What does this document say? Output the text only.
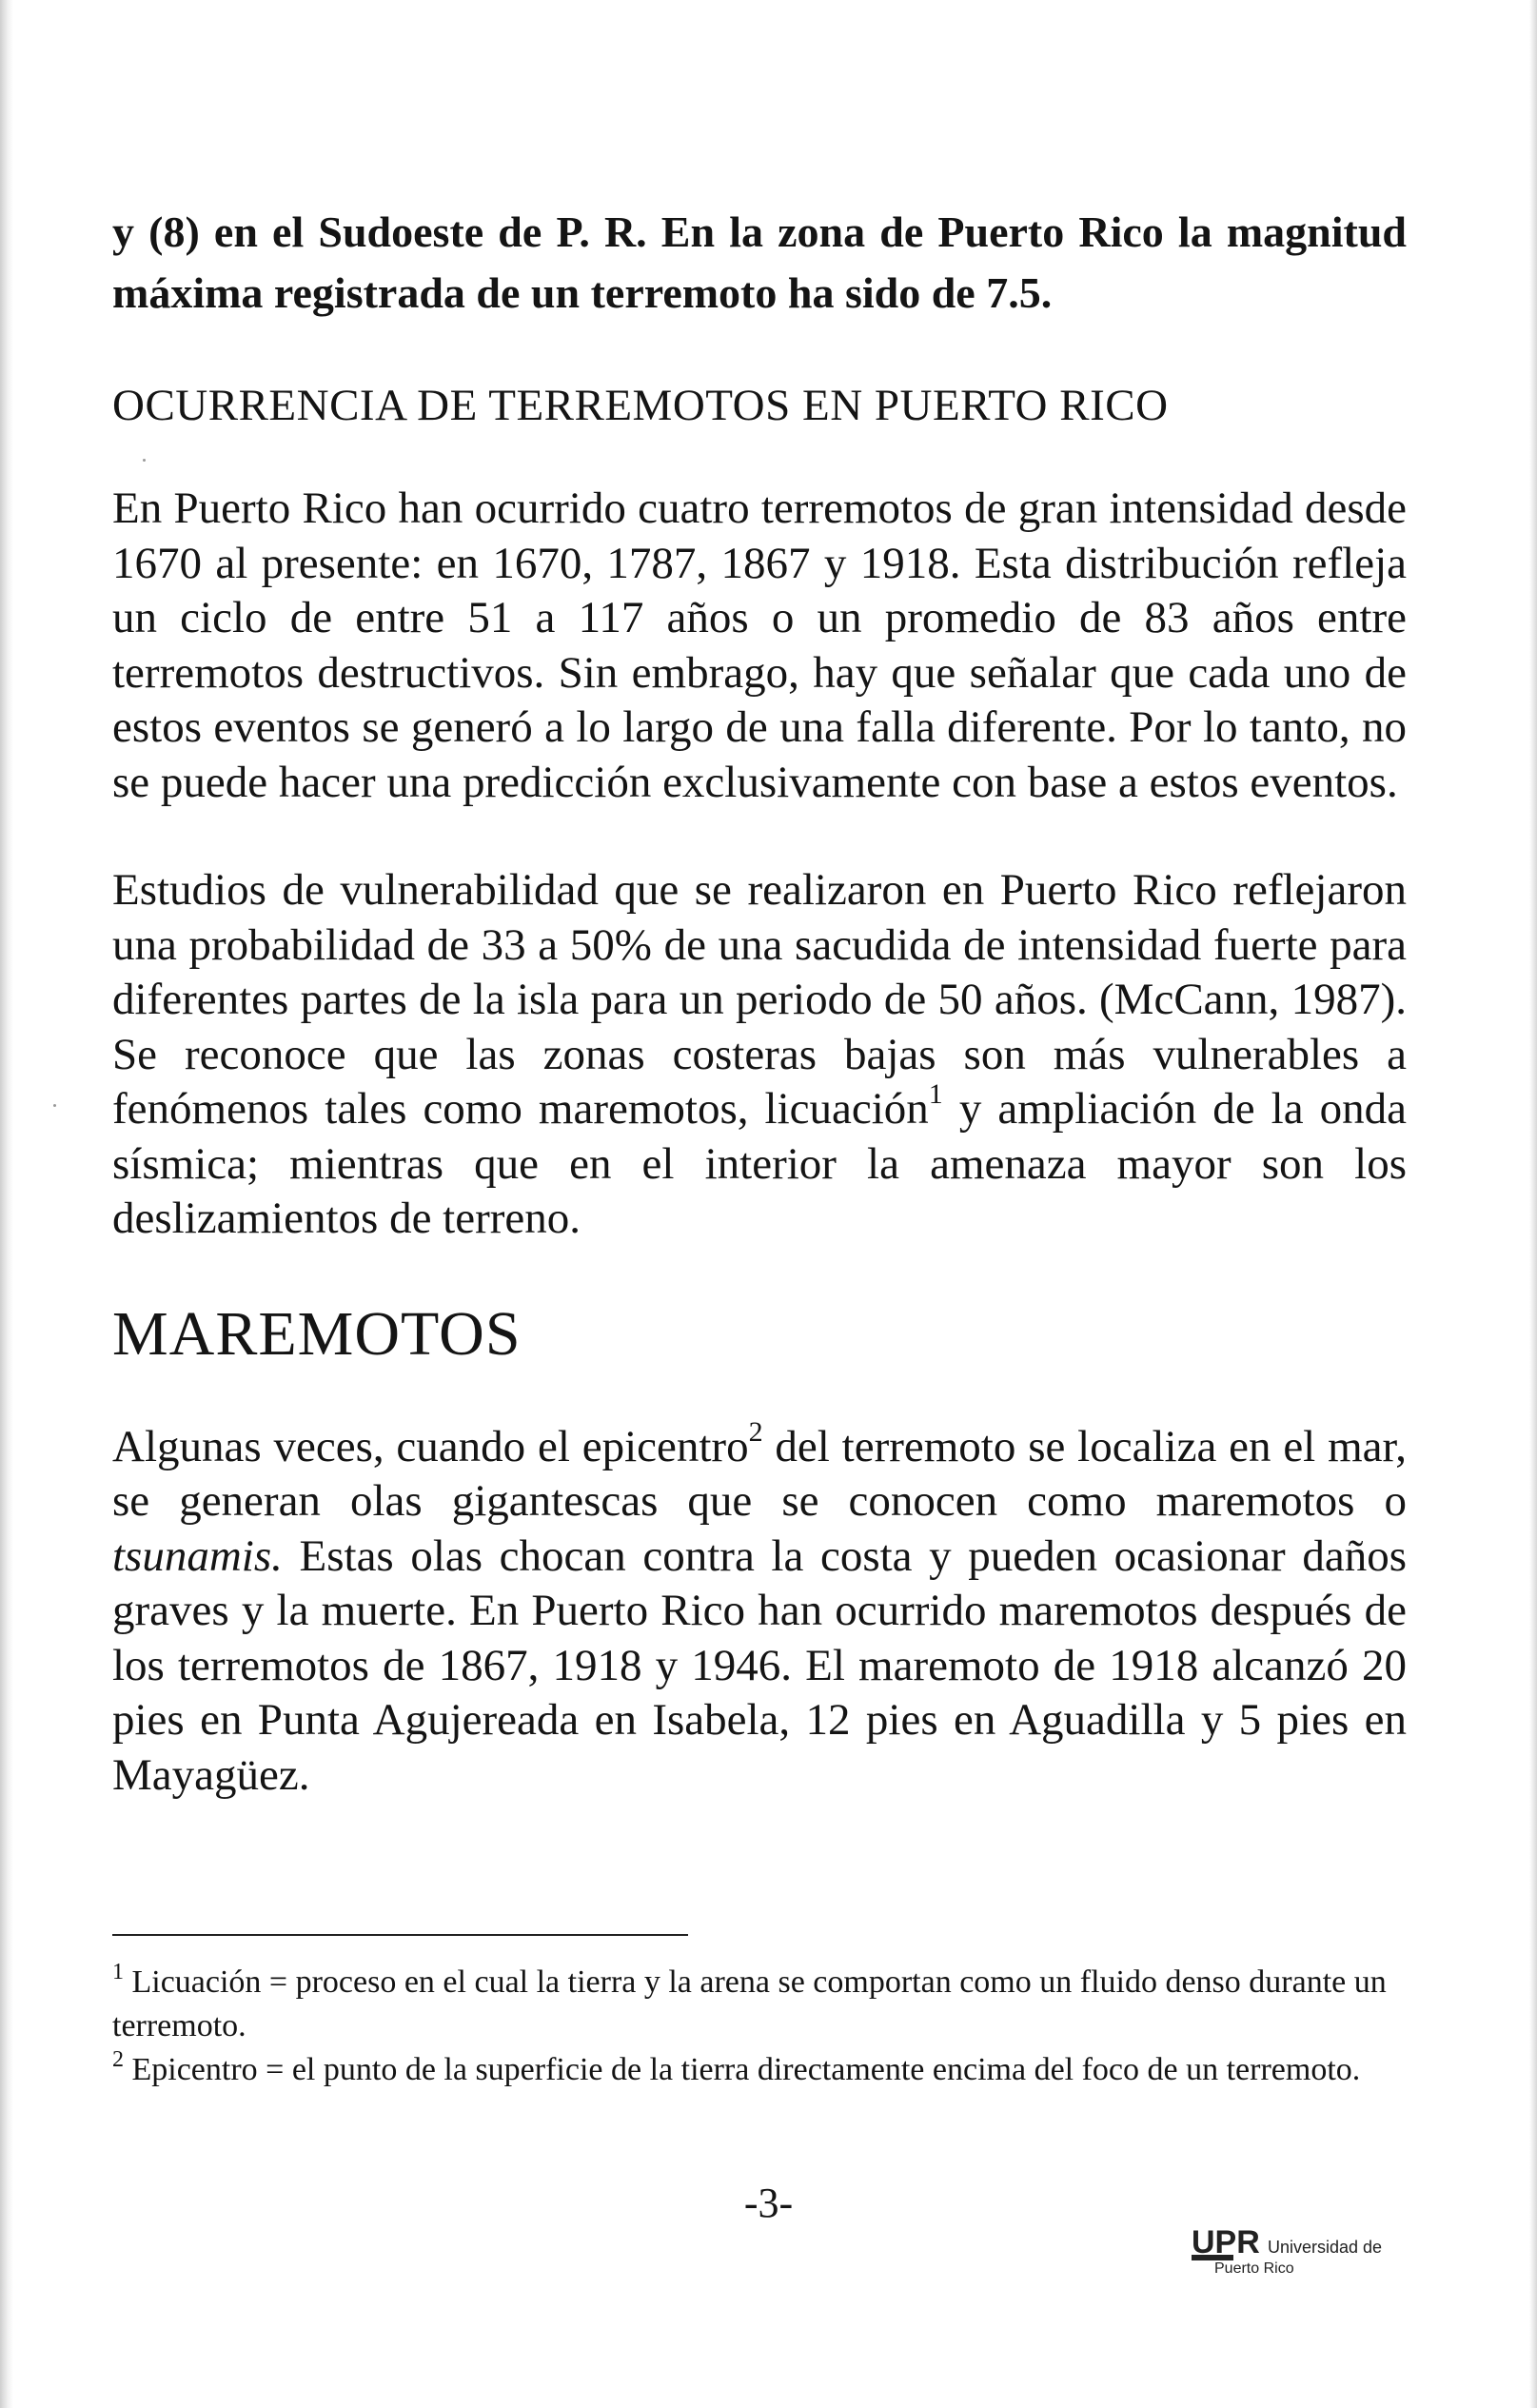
y (8) en el Sudoeste de P. R. En la zona de Puerto Rico la magnitud máxima registrada de un terremoto ha sido de 7.5.

OCURRENCIA DE TERREMOTOS EN PUERTO RICO

En Puerto Rico han ocurrido cuatro terremotos de gran intensidad desde 1670 al presente: en 1670, 1787, 1867 y 1918. Esta distribución refleja un ciclo de entre 51 a 117 años o un promedio de 83 años entre terremotos destructivos. Sin embrago, hay que señalar que cada uno de estos eventos se generó a lo largo de una falla diferente. Por lo tanto, no se puede hacer una predicción exclusivamente con base a estos eventos.

Estudios de vulnerabilidad que se realizaron en Puerto Rico reflejaron una probabilidad de 33 a 50% de una sacudida de intensidad fuerte para diferentes partes de la isla para un periodo de 50 años. (McCann, 1987). Se reconoce que las zonas costeras bajas son más vulnerables a fenómenos tales como maremotos, licuación$^1$ y ampliación de la onda sísmica; mientras que en el interior la amenaza mayor son los deslizamientos de terreno.

MAREMOTOS

Algunas veces, cuando el epicentro$^2$ del terremoto se localiza en el mar, se generan olas gigantescas que se conocen como maremotos o tsunamis. Estas olas chocan contra la costa y pueden ocasionar daños graves y la muerte. En Puerto Rico han ocurrido maremotos después de los terremotos de 1867, 1918 y 1946. El maremoto de 1918 alcanzó 20 pies en Punta Agujereada en Isabela, 12 pies en Aguadilla y 5 pies en Mayagüez.

$^1$ Licuación = proceso en el cual la tierra y la arena se comportan como un fluido denso durante un terremoto.

$^2$ Epicentro = el punto de la superficie de la tierra directamente encima del foco de un terremoto.

-3-
UPR Universidad de
Puerto Rico
